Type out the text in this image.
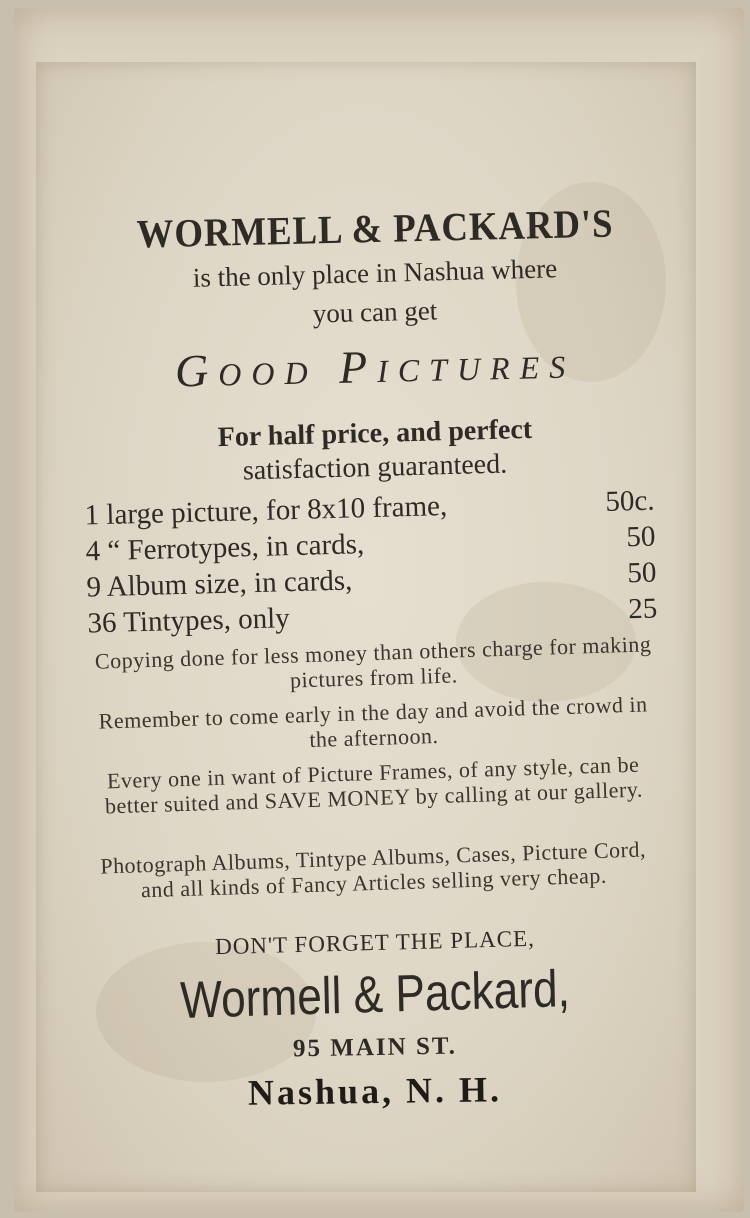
WORMELL & PACKARD'S
is the only place in Nashua where
you can get
Good Pictures
For half price, and perfect
satisfaction guaranteed.
1 large picture, for 8x10 frame,	50c.
4 “ Ferrotypes, in cards,	50
9 Album size, in cards,	50
36 Tintypes, only	25
Copying done for less money than others charge for making pictures from life.
Remember to come early in the day and avoid the crowd in the afternoon.
Every one in want of Picture Frames, of any style, can be better suited and SAVE MONEY by calling at our gallery.
Photograph Albums, Tintype Albums, Cases, Picture Cord, and all kinds of Fancy Articles selling very cheap.
DON'T FORGET THE PLACE,
Wormell & Packard,
95 MAIN ST.
Nashua, N. H.
